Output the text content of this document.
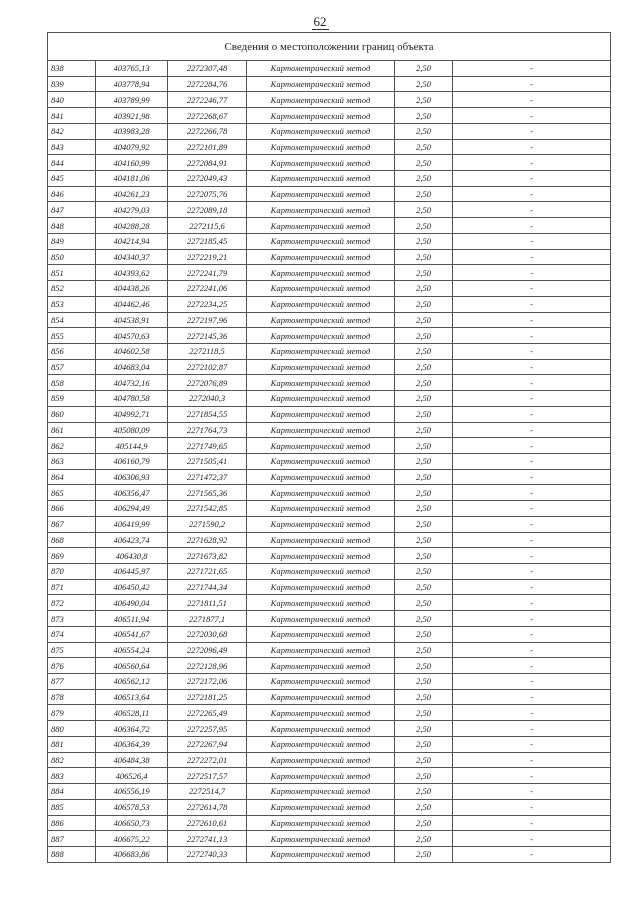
62
Сведения о местоположении границ объекта					
838	403765,13	2272307,48	Картометрический метод	2,50	-
839	403778,94	2272284,76	Картометрический метод	2,50	-
840	403789,99	2272246,77	Картометрический метод	2,50	-
841	403921,98	2272268,67	Картометрический метод	2,50	-
842	403983,28	2272266,78	Картометрический метод	2,50	-
843	404079,92	2272101,89	Картометрический метод	2,50	-
844	404160,99	2272084,91	Картометрический метод	2,50	-
845	404181,06	2272049,43	Картометрический метод	2,50	-
846	404261,23	2272075,76	Картометрический метод	2,50	-
847	404279,03	2272089,18	Картометрический метод	2,50	-
848	404288,28	2272115,6	Картометрический метод	2,50	-
849	404214,94	2272185,45	Картометрический метод	2,50	-
850	404340,37	2272219,21	Картометрический метод	2,50	-
851	404393,62	2272241,79	Картометрический метод	2,50	-
852	404438,26	2272241,06	Картометрический метод	2,50	-
853	404462,46	2272234,25	Картометрический метод	2,50	-
854	404538,91	2272197,96	Картометрический метод	2,50	-
855	404570,63	2272145,36	Картометрический метод	2,50	-
856	404602,58	2272118,5	Картометрический метод	2,50	-
857	404683,04	2272102,87	Картометрический метод	2,50	-
858	404732,16	2272076,89	Картометрический метод	2,50	-
859	404780,58	2272040,3	Картометрический метод	2,50	-
860	404992,71	2271854,55	Картометрический метод	2,50	-
861	405080,09	2271764,73	Картометрический метод	2,50	-
862	405144,9	2271749,65	Картометрический метод	2,50	-
863	406160,79	2271505,41	Картометрический метод	2,50	-
864	406306,93	2271472,37	Картометрический метод	2,50	-
865	406356,47	2271565,36	Картометрический метод	2,50	-
866	406294,49	2271542,85	Картометрический метод	2,50	-
867	406419,99	2271590,2	Картометрический метод	2,50	-
868	406423,74	2271628,92	Картометрический метод	2,50	-
869	406430,8	2271673,82	Картометрический метод	2,50	-
870	406445,97	2271721,65	Картометрический метод	2,50	-
871	406450,42	2271744,34	Картометрический метод	2,50	-
872	406490,04	2271811,51	Картометрический метод	2,50	-
873	406511,94	2271877,1	Картометрический метод	2,50	-
874	406541,67	2272030,68	Картометрический метод	2,50	-
875	406554,24	2272096,49	Картометрический метод	2,50	-
876	406560,64	2272128,96	Картометрический метод	2,50	-
877	406562,12	2272172,06	Картометрический метод	2,50	-
878	406513,64	2272181,25	Картометрический метод	2,50	-
879	406528,11	2272265,49	Картометрический метод	2,50	-
880	406364,72	2272257,95	Картометрический метод	2,50	-
881	406364,39	2272267,94	Картометрический метод	2,50	-
882	406484,38	2272272,01	Картометрический метод	2,50	-
883	406526,4	2272517,57	Картометрический метод	2,50	-
884	406556,19	2272514,7	Картометрический метод	2,50	-
885	406578,53	2272614,78	Картометрический метод	2,50	-
886	406650,73	2272610,61	Картометрический метод	2,50	-
887	406675,22	2272741,13	Картометрический метод	2,50	-
888	406683,86	2272740,33	Картометрический метод	2,50	-
